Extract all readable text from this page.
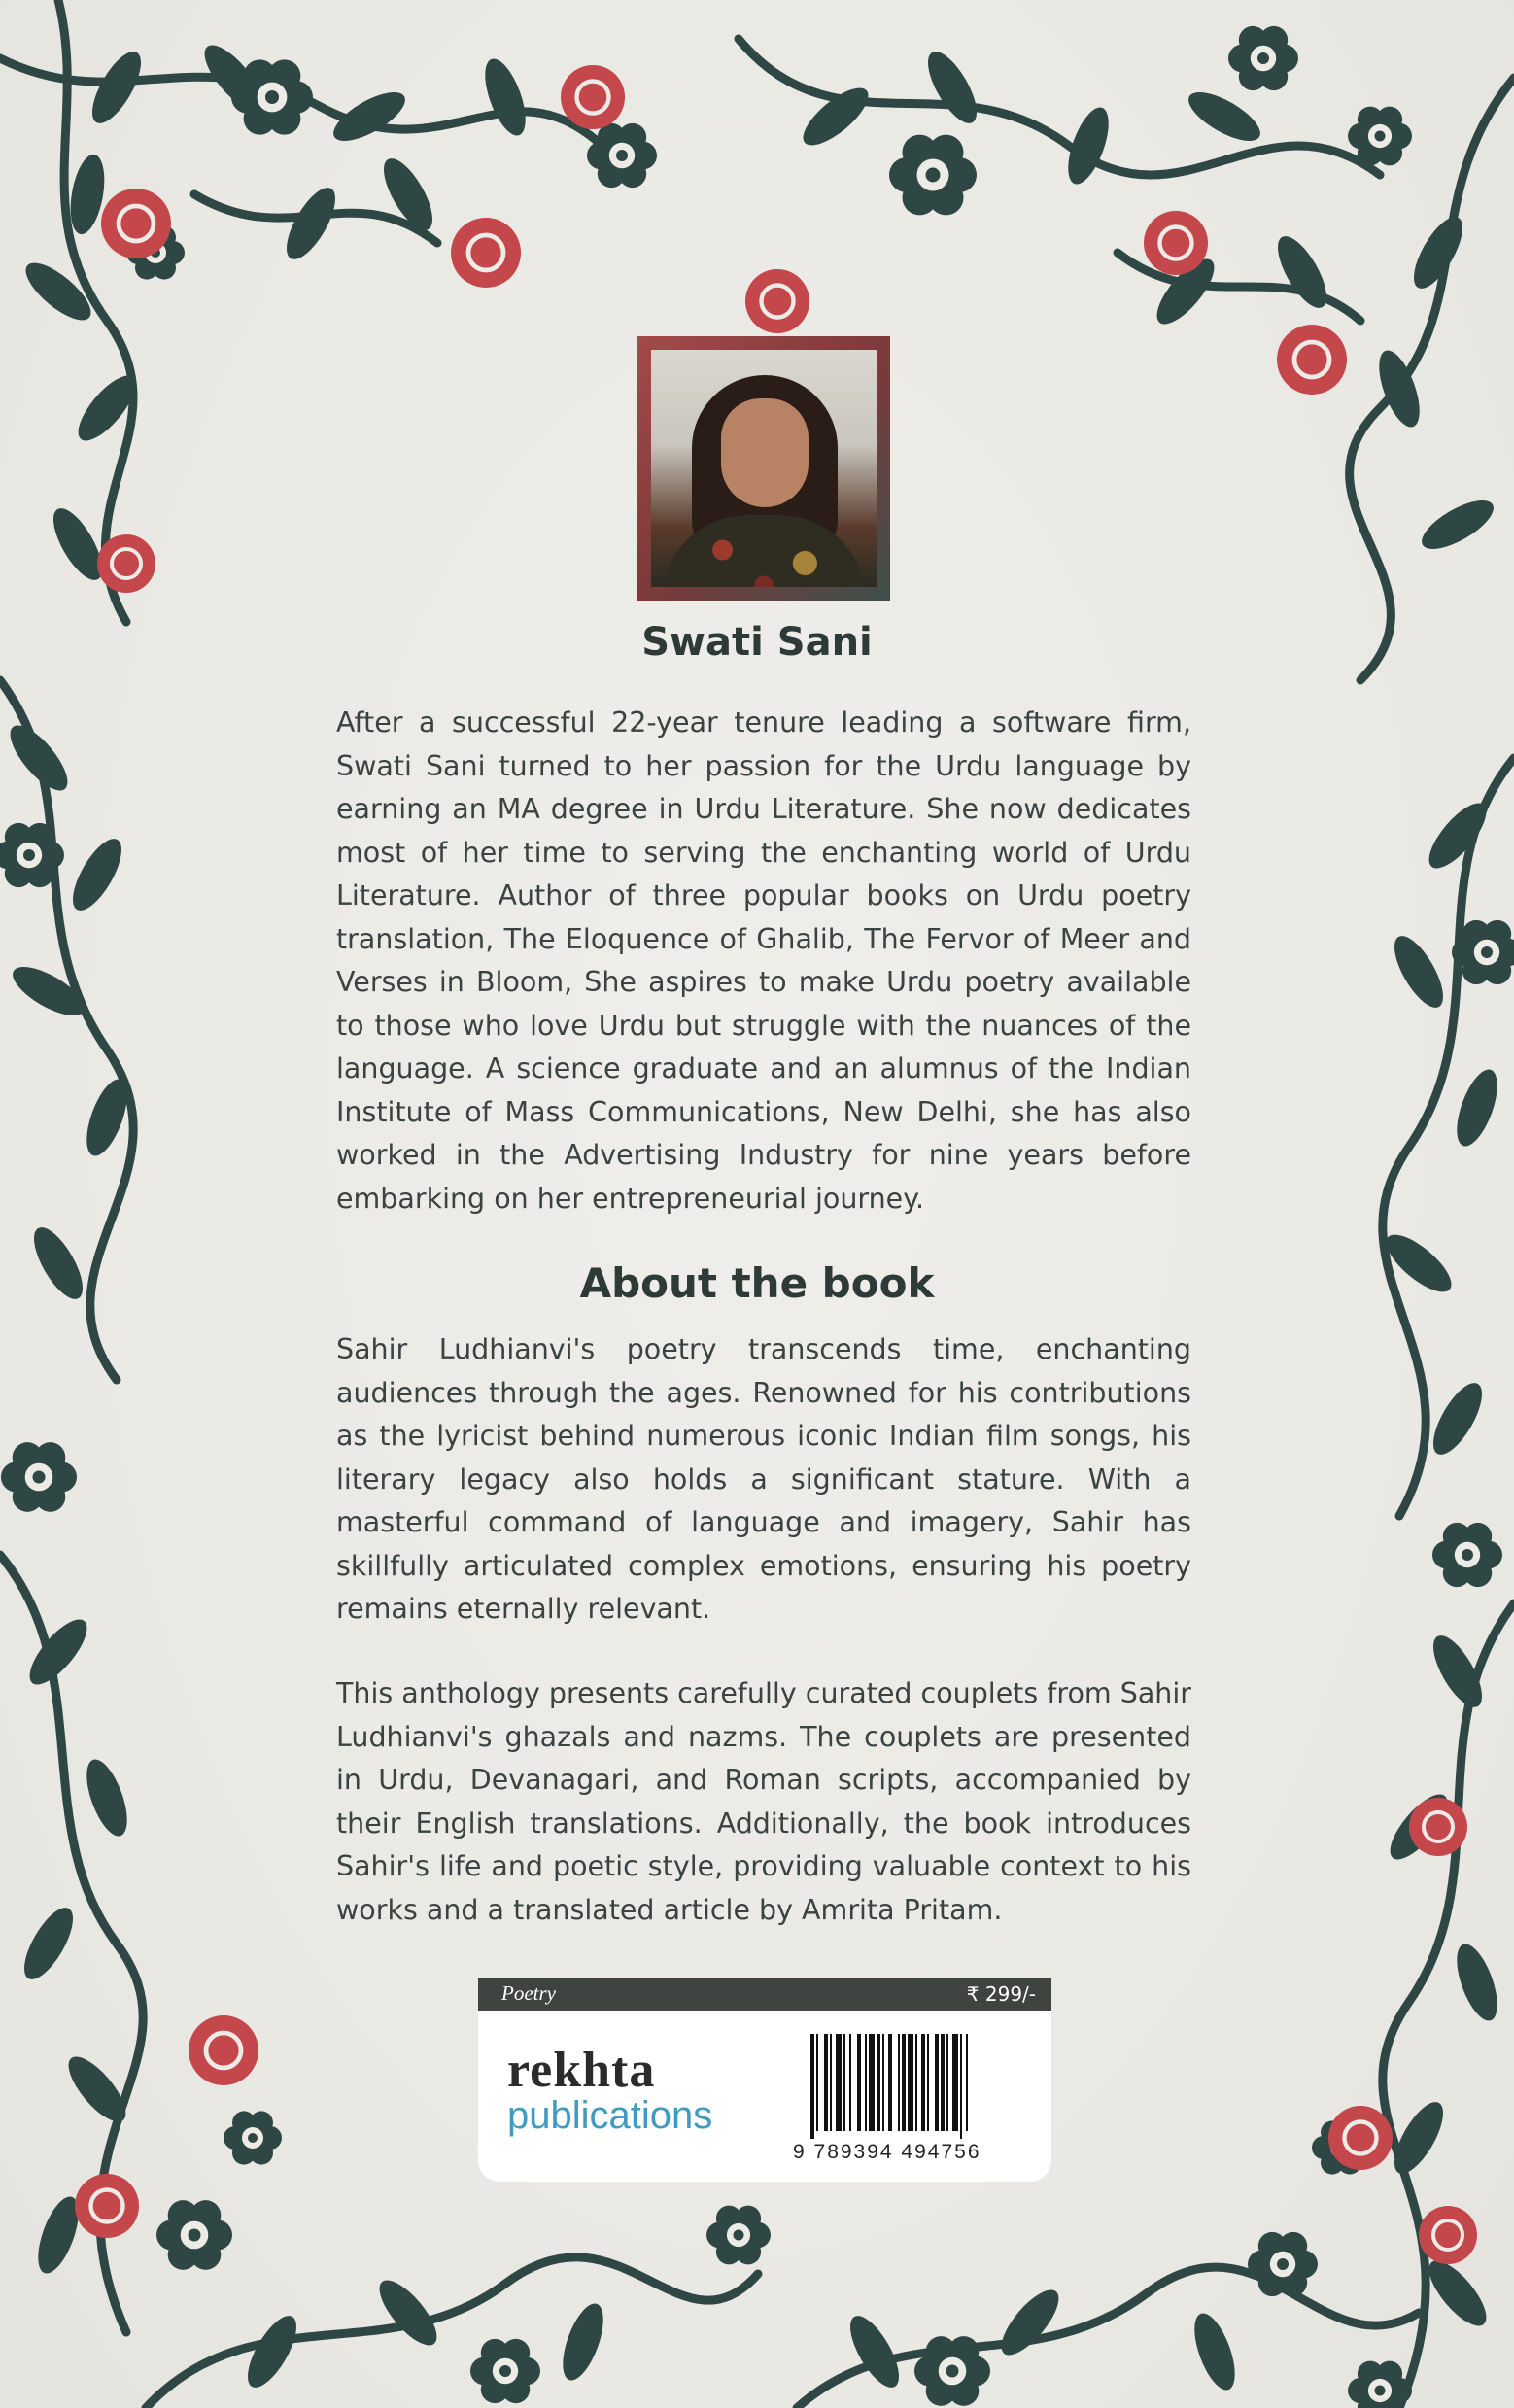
Swati Sani

After a successful 22-year tenure leading a software firm, Swati Sani turned to her passion for the Urdu language by earning an MA degree in Urdu Literature. She now dedicates most of her time to serving the enchanting world of Urdu Literature. Author of three popular books on Urdu poetry translation, The Eloquence of Ghalib, The Fervor of Meer and Verses in Bloom, She aspires to make Urdu poetry available to those who love Urdu but struggle with the nuances of the language. A science graduate and an alumnus of the Indian Institute of Mass Communications, New Delhi, she has also worked in the Advertising Industry for nine years before embarking on her entrepreneurial journey.

About the book

Sahir Ludhianvi's poetry transcends time, enchanting audiences through the ages. Renowned for his contributions as the lyricist behind numerous iconic Indian film songs, his literary legacy also holds a significant stature. With a masterful command of language and imagery, Sahir has skillfully articulated complex emotions, ensuring his poetry remains eternally relevant.

This anthology presents carefully curated couplets from Sahir Ludhianvi's ghazals and nazms. The couplets are presented in Urdu, Devanagari, and Roman scripts, accompanied by their English translations. Additionally, the book introduces Sahir's life and poetic style, providing valuable context to his works and a translated article by Amrita Pritam.

Poetry	₹ 299/-
rekhta
publications
9 789394 494756
